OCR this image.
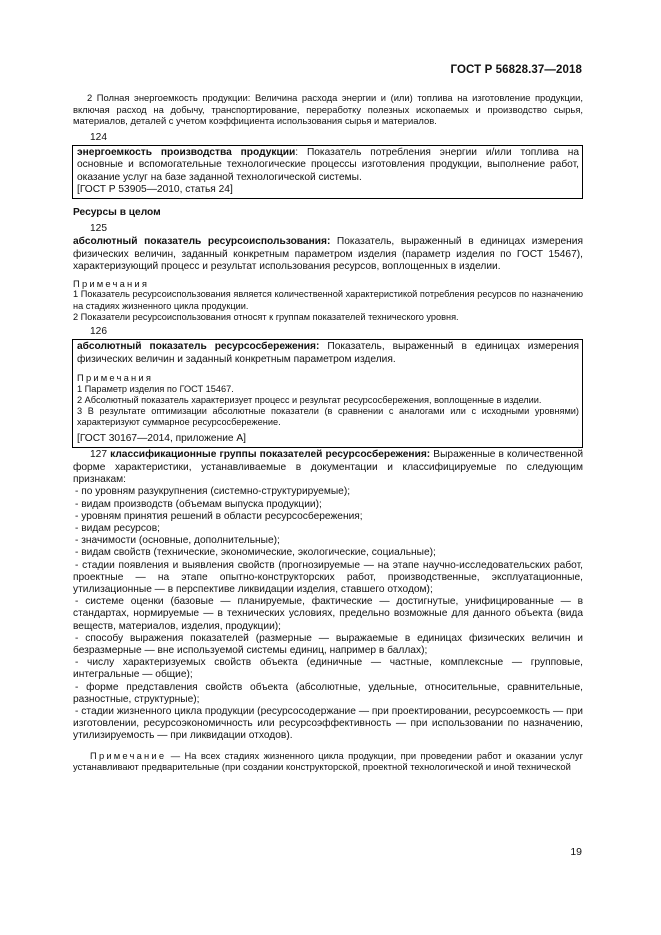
ГОСТ Р 56828.37—2018

2 Полная энергоемкость продукции: Величина расхода энергии и (или) топлива на изготовление продукции, включая расход на добычу, транспортирование, переработку полезных ископаемых и производство сырья, материалов, деталей с учетом коэффициента использования сырья и материалов.

124

энергоемкость производства продукции: Показатель потребления энергии и/или топлива на основные и вспомогательные технологические процессы изготовления продукции, выполнение работ, оказание услуг на базе заданной технологической системы.

[ГОСТ Р 53905—2010, статья 24]

Ресурсы в целом
125

абсолютный показатель ресурсоиспользования: Показатель, выраженный в единицах измерения физических величин, заданный конкретным параметром изделия (параметр изделия по ГОСТ 15467), характеризующий процесс и результат использования ресурсов, воплощенных в изделии.

Примечания

1 Показатель ресурсоиспользования является количественной характеристикой потребления ресурсов по назначению на стадиях жизненного цикла продукции.

2 Показатели ресурсоиспользования относят к группам показателей технического уровня.

126

абсолютный показатель ресурсосбережения: Показатель, выраженный в единицах измерения физических величин и заданный конкретным параметром изделия.

Примечания

1 Параметр изделия по ГОСТ 15467.

2 Абсолютный показатель характеризует процесс и результат ресурсосбережения, воплощенные в изделии.

3 В результате оптимизации абсолютные показатели (в сравнении с аналогами или с исходными уровнями) характеризуют суммарное ресурсосбережение.

[ГОСТ 30167—2014, приложение А]

127 классификационные группы показателей ресурсосбережения: Выраженные в количественной форме характеристики, устанавливаемые в документации и классифицируемые по следующим признакам:

- по уровням разукрупнения (системно-структурируемые);

- видам производств (объемам выпуска продукции);

- уровням принятия решений в области ресурсосбережения;

- видам ресурсов;

- значимости (основные, дополнительные);

- видам свойств (технические, экономические, экологические, социальные);

- стадии появления и выявления свойств (прогнозируемые — на этапе научно-исследовательских работ, проектные — на этапе опытно-конструкторских работ, производственные, эксплуатационные, утилизационные — в перспективе ликвидации изделия, ставшего отходом);

- системе оценки (базовые — планируемые, фактические — достигнутые, унифицированные — в стандартах, нормируемые — в технических условиях, предельно возможные для данного объекта (вида веществ, материалов, изделия, продукции);

- способу выражения показателей (размерные — выражаемые в единицах физических величин и безразмерные — вне используемой системы единиц, например в баллах);

- числу характеризуемых свойств объекта (единичные — частные, комплексные — групповые, интегральные — общие);

- форме представления свойств объекта (абсолютные, удельные, относительные, сравнительные, разностные, структурные);

- стадии жизненного цикла продукции (ресурсосодержание — при проектировании, ресурсоемкость — при изготовлении, ресурсоэкономичность или ресурсоэффективность — при использовании по назначению, утилизируемость — при ликвидации отходов).

Примечание — На всех стадиях жизненного цикла продукции, при проведении работ и оказании услуг устанавливают предварительные (при создании конструкторской, проектной технологической и иной технической

19
